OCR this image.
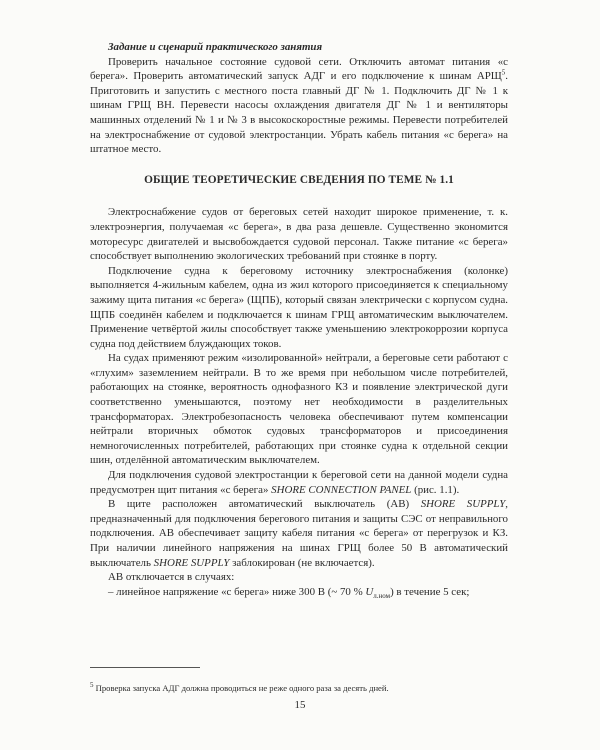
Задание и сценарий практического занятия

Проверить начальное состояние судовой сети. Отключить автомат питания «с берега». Проверить автоматический запуск АДГ и его подключение к шинам АРЩ$^5$. Приготовить и запустить с местного поста главный ДГ № 1. Подключить ДГ № 1 к шинам ГРЩ ВН. Перевести насосы охлаждения двигателя ДГ № 1 и вентиляторы машинных отделений № 1 и № 3 в высокоскоростные режимы. Перевести потребителей на электроснабжение от судовой электростанции. Убрать кабель питания «с берега» на штатное место.

ОБЩИЕ ТЕОРЕТИЧЕСКИЕ СВЕДЕНИЯ ПО ТЕМЕ № 1.1

Электроснабжение судов от береговых сетей находит широкое применение, т. к. электроэнергия, получаемая «с берега», в два раза дешевле. Существенно экономится моторесурс двигателей и высвобождается судовой персонал. Также питание «с берега» способствует выполнению экологических требований при стоянке в порту.

Подключение судна к береговому источнику электроснабжения (колонке) выполняется 4-жильным кабелем, одна из жил которого присоединяется к специальному зажиму щита питания «с берега» (ЩПБ), который связан электрически с корпусом судна. ЩПБ соединён кабелем и подключается к шинам ГРЩ автоматическим выключателем. Применение четвёртой жилы способствует также уменьшению электрокоррозии корпуса судна под действием блуждающих токов.

На судах применяют режим «изолированной» нейтрали, а береговые сети работают с «глухим» заземлением нейтрали. В то же время при небольшом числе потребителей, работающих на стоянке, вероятность однофазного КЗ и появление электрической дуги соответственно уменьшаются, поэтому нет необходимости в разделительных трансформаторах. Электробезопасность человека обеспечивают путем компенсации нейтрали вторичных обмоток судовых трансформаторов и присоединения немногочисленных потребителей, работающих при стоянке судна к отдельной секции шин, отделённой автоматическим выключателем.

Для подключения судовой электростанции к береговой сети на данной модели судна предусмотрен щит питания «с берега» SHORE CONNECTION PANEL (рис. 1.1).

В щите расположен автоматический выключатель (АВ) SHORE SUPPLY, предназначенный для подключения берегового питания и защиты СЭС от неправильного подключения. АВ обеспечивает защиту кабеля питания «с берега» от перегрузок и КЗ. При наличии линейного напряжения на шинах ГРЩ более 50 В автоматический выключатель SHORE SUPPLY заблокирован (не включается).

АВ отключается в случаях:

– линейное напряжение «с берега» ниже 300 В (~ 70 % $U_{л.ном}$) в течение 5 сек;

$^5$ Проверка запуска АДГ должна проводиться не реже одного раза за десять дней.
15
